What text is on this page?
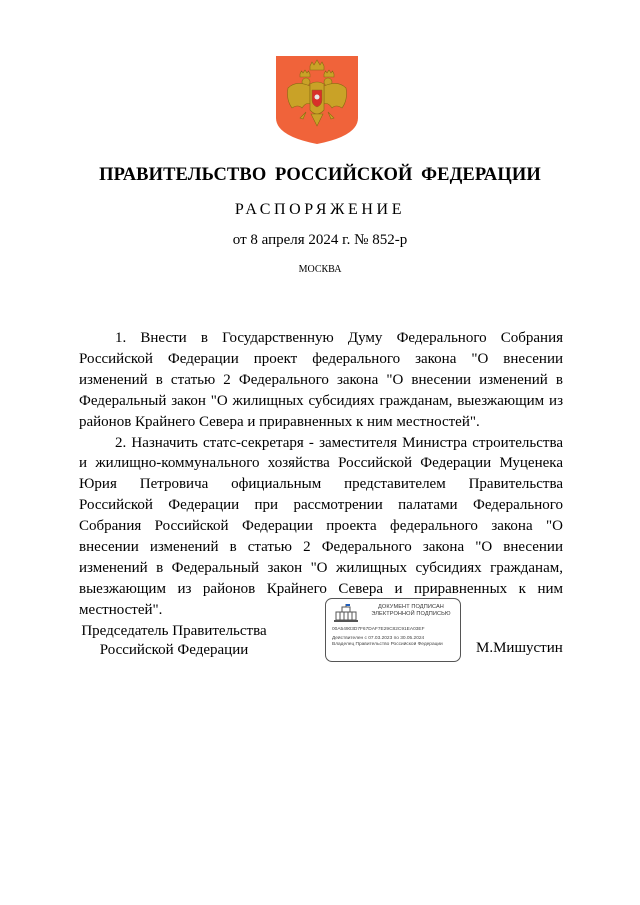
ПРАВИТЕЛЬСТВО РОССИЙСКОЙ ФЕДЕРАЦИИ
РАСПОРЯЖЕНИЕ
от 8 апреля 2024 г. № 852-р
МОСКВА

1. Внести в Государственную Думу Федерального Собрания Российской Федерации проект федерального закона "О внесении изменений в статью 2 Федерального закона "О внесении изменений в Федеральный закон "О жилищных субсидиях гражданам, выезжающим из районов Крайнего Севера и приравненных к ним местностей".

2. Назначить статс-секретаря - заместителя Министра строительства и жилищно-коммунального хозяйства Российской Федерации Муценека Юрия Петровича официальным представителем Правительства Российской Федерации при рассмотрении палатами Федерального Собрания Российской Федерации проекта федерального закона "О внесении изменений в статью 2 Федерального закона "О внесении изменений в Федеральный закон "О жилищных субсидиях гражданам, выезжающим из районов Крайнего Севера и приравненных к ним местностей".

Председатель Правительства
Российской Федерации
ДОКУМЕНТ ПОДПИСАН
ЭЛЕКТРОННОЙ ПОДПИСЬЮ
00A54903D7F67DAF7E29C82C91EA03EF
Действителен с 07.03.2023 по 30.05.2024
Владелец Правительство Российской Федерации	М.Мишустин
